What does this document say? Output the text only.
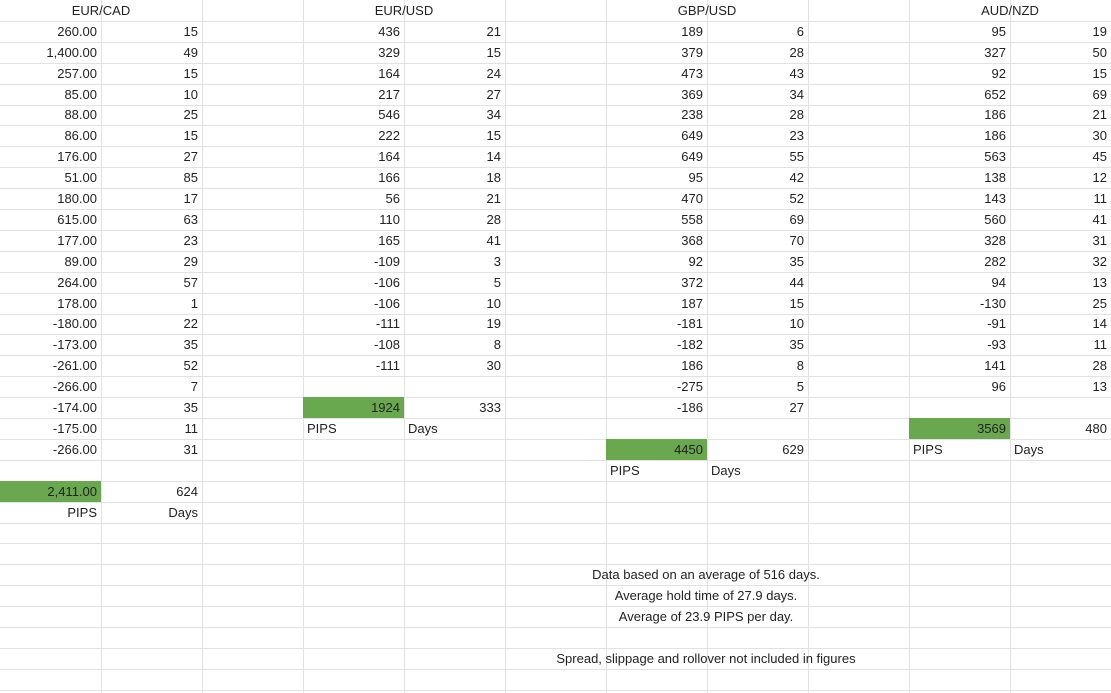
EUR/CAD
260.00	15
1,400.00	49
257.00	15
85.00	10
88.00	25
86.00	15
176.00	27
51.00	85
180.00	17
615.00	63
177.00	23
89.00	29
264.00	57
178.00	1
-180.00	22
-173.00	35
-261.00	52
-266.00	7
-174.00	35
-175.00	11
-266.00	31
2,411.00	624
PIPS	Days
EUR/USD
436	21
329	15
164	24
217	27
546	34
222	15
164	14
166	18
56	21
110	28
165	41
-109	3
-106	5
-106	10
-111	19
-108	8
-111	30
1924	333
PIPS	Days
GBP/USD
189	6
379	28
473	43
369	34
238	28
649	23
649	55
95	42
470	52
558	69
368	70
92	35
372	44
187	15
-181	10
-182	35
186	8
-275	5
-186	27
4450	629
PIPS	Days
AUD/NZD
95	19
327	50
92	15
652	69
186	21
186	30
563	45
138	12
143	11
560	41
328	31
282	32
94	13
-130	25
-91	14
-93	11
141	28
96	13
3569	480
PIPS	Days
Data based on an average of 516 days.
Average hold time of 27.9 days.
Average of 23.9 PIPS per day.
Spread, slippage and rollover not included in figures
